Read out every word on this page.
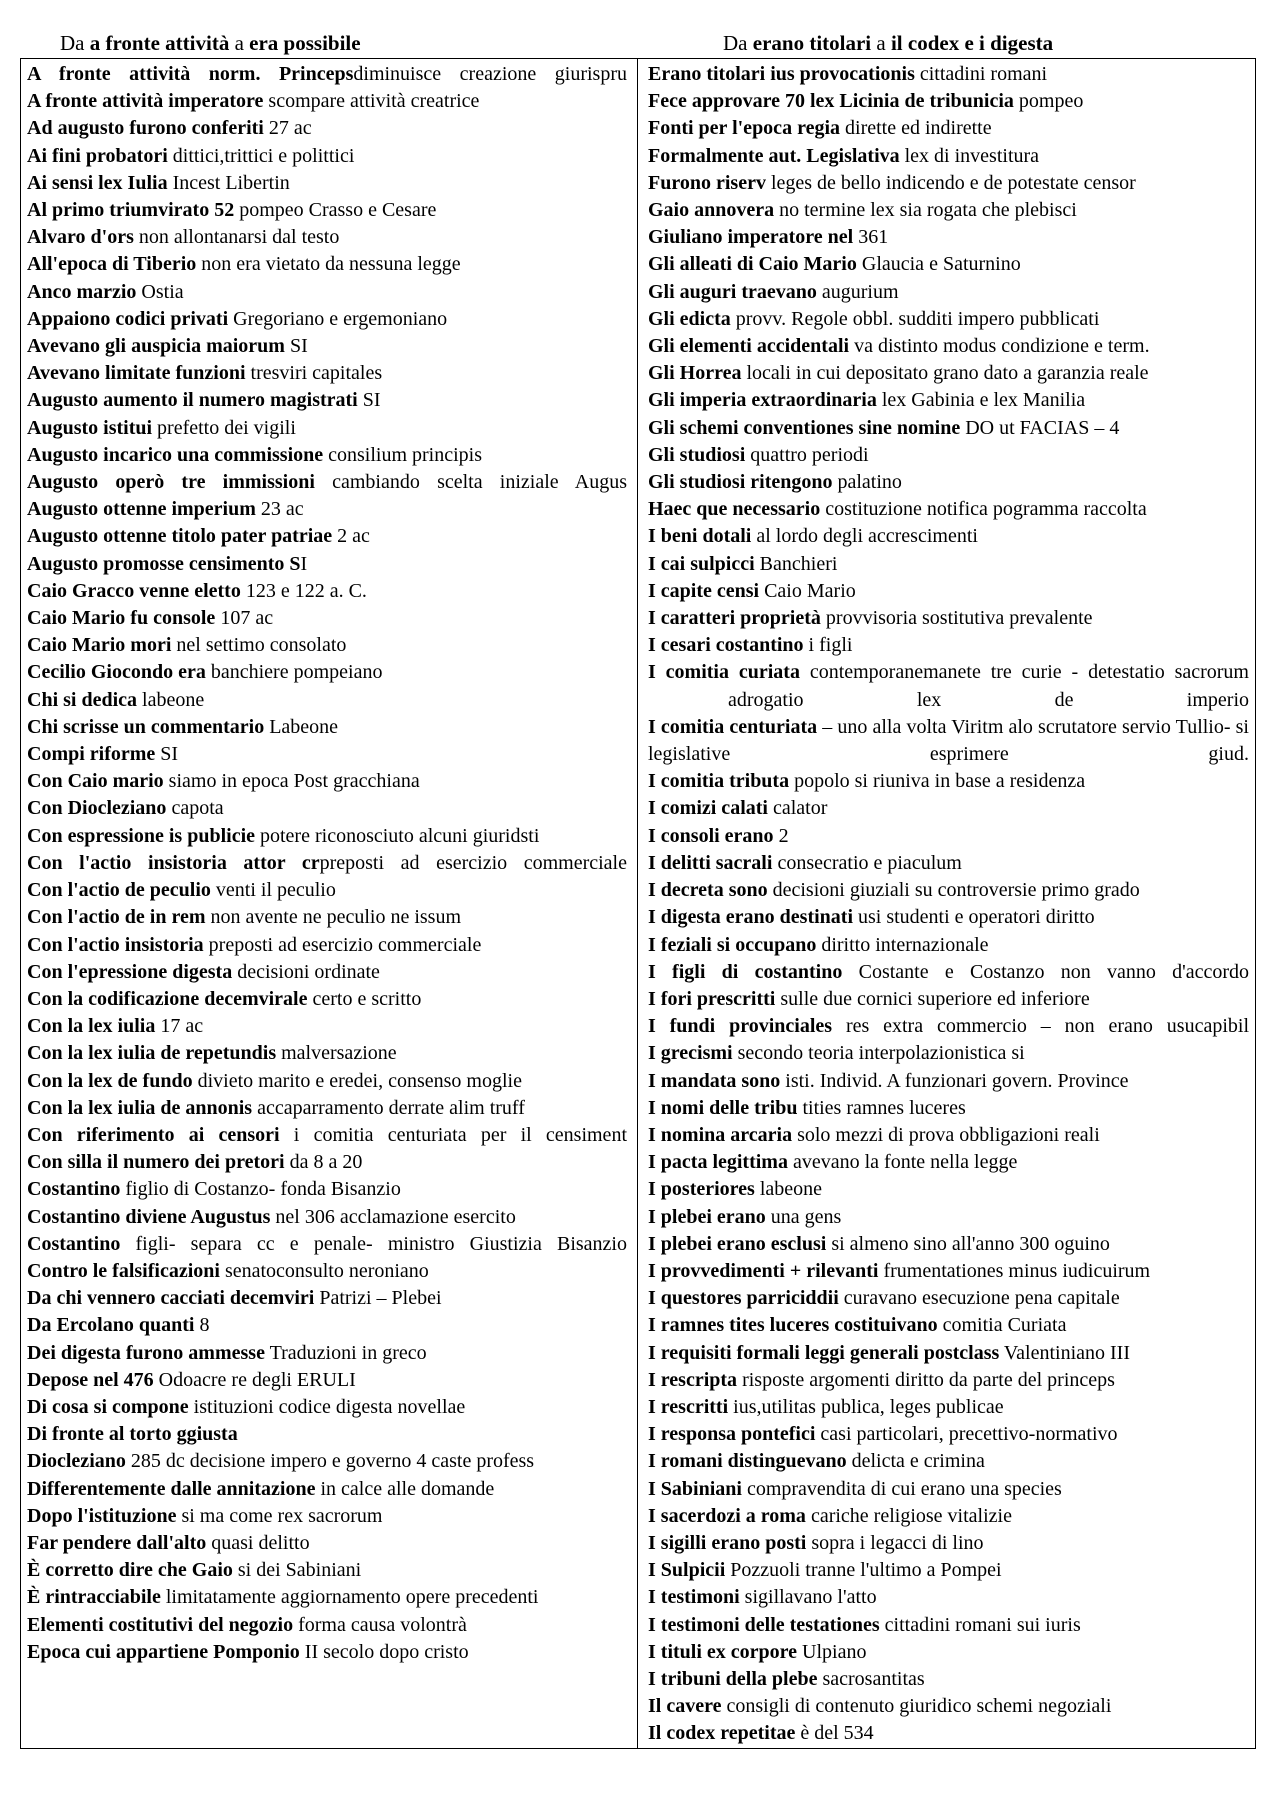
Da a fronte attività a era possibile	Da erano titolari a il codex e i digesta

A fronte attività norm. Princepsdiminuisce creazione giurispru

A fronte attività imperatore scompare attività creatrice

Ad augusto furono conferiti 27 ac

Ai fini probatori dittici,trittici e polittici

Ai sensi lex Iulia Incest Libertin

Al primo triumvirato 52 pompeo Crasso e Cesare

Alvaro d'ors non allontanarsi dal testo

All'epoca di Tiberio non era vietato da nessuna legge

Anco marzio Ostia

Appaiono codici privati Gregoriano e ergemoniano

Avevano gli auspicia maiorum SI

Avevano limitate funzioni tresviri capitales

Augusto aumento il numero magistrati SI

Augusto istitui prefetto dei vigili

Augusto incarico una commissione consilium principis

Augusto operò tre immissioni cambiando scelta iniziale Augus

Augusto ottenne imperium 23 ac

Augusto ottenne titolo pater patriae 2 ac

Augusto promosse censimento SI

Caio Gracco venne eletto 123 e 122 a. C.

Caio Mario fu console 107 ac

Caio Mario mori nel settimo consolato

Cecilio Giocondo era banchiere pompeiano

Chi si dedica labeone

Chi scrisse un commentario Labeone

Compi riforme SI

Con Caio mario siamo in epoca Post gracchiana

Con Diocleziano capota

Con espressione is publicie potere riconosciuto alcuni giuridsti

Con l'actio insistoria attor crpreposti ad esercizio commerciale

Con l'actio de peculio venti il peculio

Con l'actio de in rem non avente ne peculio ne issum

Con l'actio insistoria preposti ad esercizio commerciale

Con l'epressione digesta decisioni ordinate

Con la codificazione decemvirale certo e scritto

Con la lex iulia 17 ac

Con la lex iulia de repetundis malversazione

Con la lex de fundo divieto marito e eredei, consenso moglie

Con la lex iulia de annonis accaparramento derrate alim truff

Con riferimento ai censori i comitia centuriata per il censiment

Con silla il numero dei pretori da 8 a 20

Costantino figlio di Costanzo- fonda Bisanzio

Costantino diviene Augustus nel 306 acclamazione esercito

Costantino figli- separa cc e penale- ministro Giustizia Bisanzio

Contro le falsificazioni senatoconsulto neroniano

Da chi vennero cacciati decemviri Patrizi – Plebei

Da Ercolano quanti 8

Dei digesta furono ammesse Traduzioni in greco

Depose nel 476 Odoacre re degli ERULI

Di cosa si compone istituzioni codice digesta novellae

Di fronte al torto ggiusta

Diocleziano 285 dc decisione impero e governo 4 caste profess

Differentemente dalle annitazione in calce alle domande

Dopo l'istituzione si ma come rex sacrorum

Far pendere dall'alto quasi delitto

È corretto dire che Gaio si dei Sabiniani

È rintracciabile limitatamente aggiornamento opere precedenti

Elementi costitutivi del negozio forma causa volontrà

Epoca cui appartiene Pomponio II secolo dopo cristo

Erano titolari ius provocationis cittadini romani

Fece approvare 70 lex Licinia de tribunicia pompeo

Fonti per l'epoca regia dirette ed indirette

Formalmente aut. Legislativa lex di investitura

Furono riserv leges de bello indicendo e de potestate censor

Gaio annovera no termine lex sia rogata che plebisci

Giuliano imperatore nel 361

Gli alleati di Caio Mario Glaucia e Saturnino

Gli auguri traevano augurium

Gli edicta provv. Regole obbl. sudditi impero pubblicati

Gli elementi accidentali va distinto modus condizione e term.

Gli Horrea locali in cui depositato grano dato a garanzia reale

Gli imperia extraordinaria lex Gabinia e lex Manilia

Gli schemi conventiones sine nomine DO ut FACIAS – 4

Gli studiosi quattro periodi

Gli studiosi ritengono palatino

Haec que necessario costituzione notifica pogramma raccolta

I beni dotali al lordo degli accrescimenti

I cai sulpicci Banchieri

I capite censi Caio Mario

I caratteri proprietà provvisoria sostitutiva prevalente

I cesari costantino i figli

I comitia curiata contemporanemanete tre curie - detestatio sacrorum adrogatio lex de imperio

I comitia centuriata – uno alla volta Viritm alo scrutatore servio Tullio- si legislative esprimere giud.

I comitia tributa popolo si riuniva in base a residenza

I comizi calati calator

I consoli erano 2

I delitti sacrali consecratio e piaculum

I decreta sono decisioni giuziali su controversie primo grado

I digesta erano destinati usi studenti e operatori diritto

I feziali si occupano diritto internazionale

I figli di costantino Costante e Costanzo non vanno d'accordo

I fori prescritti sulle due cornici superiore ed inferiore

I fundi provinciales res extra commercio – non erano usucapibil

I grecismi secondo teoria interpolazionistica si

I mandata sono isti. Individ. A funzionari govern. Province

I nomi delle tribu tities ramnes luceres

I nomina arcaria solo mezzi di prova obbligazioni reali

I pacta legittima avevano la fonte nella legge

I posteriores labeone

I plebei erano una gens

I plebei erano esclusi si almeno sino all'anno 300 oguino

I provvedimenti + rilevanti frumentationes minus iudicuirum

I questores parriciddii curavano esecuzione pena capitale

I ramnes tites luceres costituivano comitia Curiata

I requisiti formali leggi generali postclass Valentiniano III

I rescripta risposte argomenti diritto da parte del princeps

I rescritti ius,utilitas publica, leges publicae

I responsa pontefici casi particolari, precettivo-normativo

I romani distinguevano delicta e crimina

I Sabiniani compravendita di cui erano una species

I sacerdozi a roma cariche religiose vitalizie

I sigilli erano posti sopra i legacci di lino

I Sulpicii Pozzuoli tranne l'ultimo a Pompei

I testimoni sigillavano l'atto

I testimoni delle testationes cittadini romani sui iuris

I tituli ex corpore Ulpiano

I tribuni della plebe sacrosantitas

Il cavere consigli di contenuto giuridico schemi negoziali

Il codex repetitae è del 534
